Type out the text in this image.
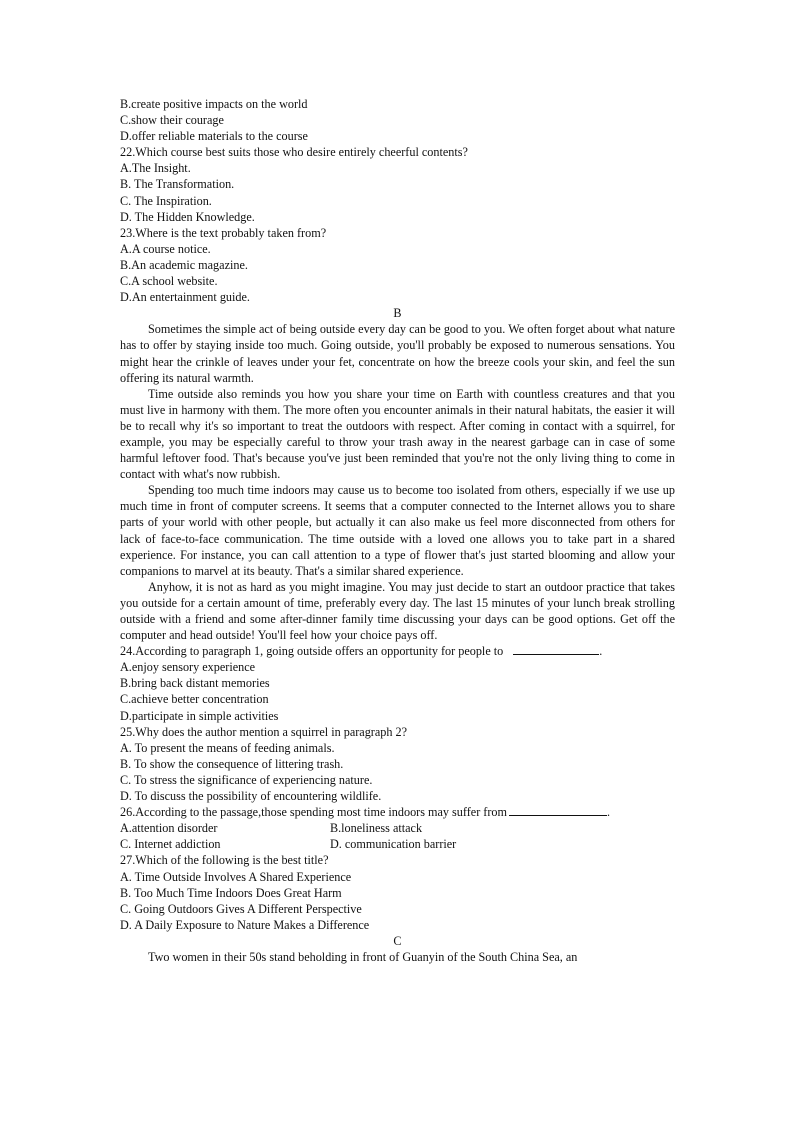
B.create positive impacts on the world
C.show their courage
D.offer reliable materials to the course
22.Which course best suits those who desire entirely cheerful contents?
A.The Insight.
B. The Transformation.
C. The Inspiration.
D. The Hidden Knowledge.
23.Where is the text probably taken from?
A.A course notice.
B.An academic magazine.
C.A school website.
D.An entertainment guide.
B

Sometimes the simple act of being outside every day can be good to you. We often forget about what nature has to offer by staying inside too much. Going outside, you'll probably be exposed to numerous sensations. You might hear the crinkle of leaves under your fet, concentrate on how the breeze cools your skin, and feel the sun offering its natural warmth.

Time outside also reminds you how you share your time on Earth with countless creatures and that you must live in harmony with them. The more often you encounter animals in their natural habitats, the easier it will be to recall why it's so important to treat the outdoors with respect. After coming in contact with a squirrel, for example, you may be especially careful to throw your trash away in the nearest garbage can in case of some harmful leftover food. That's because you've just been reminded that you're not the only living thing to come in contact with what's now rubbish.

Spending too much time indoors may cause us to become too isolated from others, especially if we use up much time in front of computer screens. It seems that a computer connected to the Internet allows you to share parts of your world with other people, but actually it can also make us feel more disconnected from others for lack of face-to-face communication. The time outside with a loved one allows you to take part in a shared experience. For instance, you can call attention to a type of flower that's just started blooming and allow your companions to marvel at its beauty. That's a similar shared experience.

Anyhow, it is not as hard as you might imagine. You may just decide to start an outdoor practice that takes you outside for a certain amount of time, preferably every day. The last 15 minutes of your lunch break strolling outside with a friend and some after-dinner family time discussing your days can be good options. Get off the computer and head outside! You'll feel how your choice pays off.

24.According to paragraph 1, going outside offers an opportunity for people to	.
A.enjoy sensory experience
B.bring back distant memories
C.achieve better concentration
D.participate in simple activities
25.Why does the author mention a squirrel in paragraph 2?
A. To present the means of feeding animals.
B. To show the consequence of littering trash.
C. To stress the significance of experiencing nature.
D. To discuss the possibility of encountering wildlife.
26.According to the passage,those spending most time indoors may suffer from	.
A.attention disorder	B.loneliness attack
C. Internet addiction	D. communication barrier
27.Which of the following is the best title?
A. Time Outside Involves A Shared Experience
B. Too Much Time Indoors Does Great Harm
C. Going Outdoors Gives A Different Perspective
D. A Daily Exposure to Nature Makes a Difference
C

Two women in their 50s stand beholding in front of Guanyin of the South China Sea, an
